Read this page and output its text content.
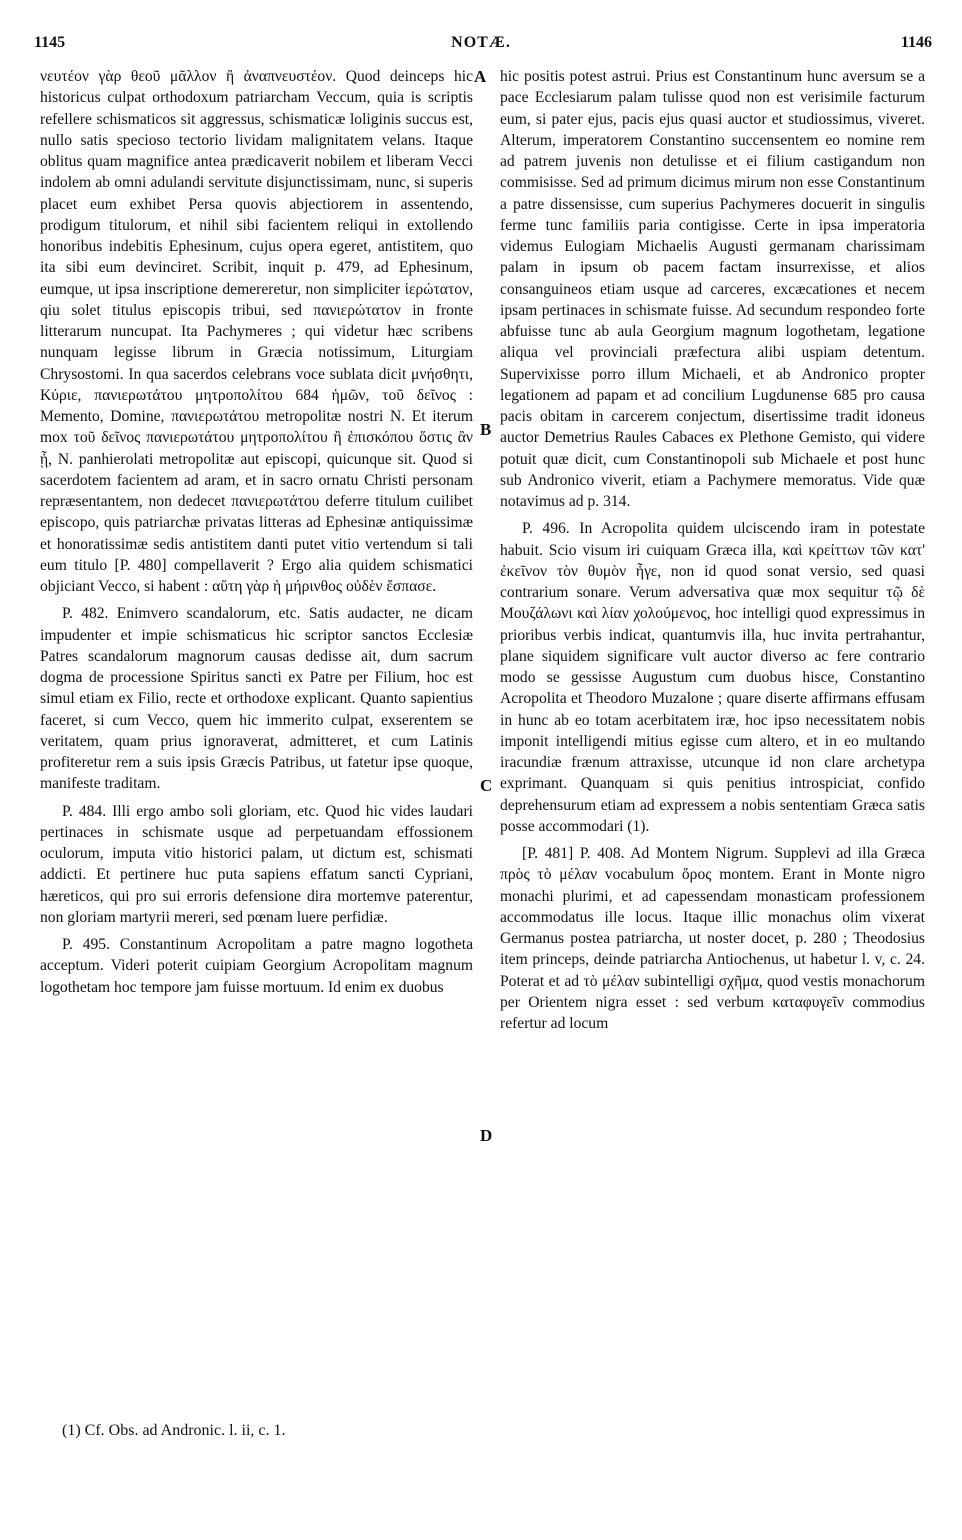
1145	NOTÆ.	1146
A
B
C
D

νευτέον γὰρ θεοῦ μᾶλλον ἢ ἀναπνευστέον. Quod deinceps hic historicus culpat orthodoxum patriarcham Veccum, quia is scriptis refellere schismaticos sit aggressus, schismaticæ loliginis succus est, nullo satis specioso tectorio lividam malignitatem velans. Itaque oblitus quam magnifice antea prædicaverit nobilem et liberam Vecci indolem ab omni adulandi servitute disjunctissimam, nunc, si superis placet eum exhibet Persa quovis abjectiorem in assentendo, prodigum titulorum, et nihil sibi facientem reliqui in extollendo honoribus indebitis Ephesinum, cujus opera egeret, antistitem, quo ita sibi eum devinciret. Scribit, inquit p. 479, ad Ephesinum, eumque, ut ipsa inscriptione demereretur, non simpliciter ἱερώτατον, qiu solet titulus episcopis tribui, sed πανιερώτατον in fronte litterarum nuncupat. Ita Pachymeres ; qui videtur hæc scribens nunquam legisse librum in Græcia notissimum, Liturgiam Chrysostomi. In qua sacerdos celebrans voce sublata dicit μνήσθητι, Κύριε, πανιερωτάτου μητροπολίτου 684 ἡμῶν, τοῦ δεῖνος : Memento, Domine, πανιερωτάτου metropolitæ nostri N. Et iterum mox τοῦ δεῖνος πανιερωτάτου μητροπολίτου ἢ ἐπισκόπου ὅστις ἂν ᾖ, N. panhierolati metropolitæ aut episcopi, quicunque sit. Quod si sacerdotem facientem ad aram, et in sacro ornatu Christi personam repræsentantem, non dedecet πανιερωτάτου deferre titulum cuilibet episcopo, quis patriarchæ privatas litteras ad Ephesinæ antiquissimæ et honoratissimæ sedis antistitem danti putet vitio vertendum si tali eum titulo [P. 480] compellaverit ? Ergo alia quidem schismatici objiciant Vecco, si habent : αὕτη γὰρ ἡ μήρινθος οὐδὲν ἔσπασε.

P. 482. Enimvero scandalorum, etc. Satis audacter, ne dicam impudenter et impie schismaticus hic scriptor sanctos Ecclesiæ Patres scandalorum magnorum causas dedisse ait, dum sacrum dogma de processione Spiritus sancti ex Patre per Filium, hoc est simul etiam ex Filio, recte et orthodoxe explicant. Quanto sapientius faceret, si cum Vecco, quem hic immerito culpat, exserentem se veritatem, quam prius ignoraverat, admitteret, et cum Latinis profiteretur rem a suis ipsis Græcis Patribus, ut fatetur ipse quoque, manifeste traditam.

P. 484. Illi ergo ambo soli gloriam, etc. Quod hic vides laudari pertinaces in schismate usque ad perpetuandam effossionem oculorum, imputa vitio historici palam, ut dictum est, schismati addicti. Et pertinere huc puta sapiens effatum sancti Cypriani, hæreticos, qui pro sui erroris defensione dira mortemve paterentur, non gloriam martyrii mereri, sed pœnam luere perfidiæ.

P. 495. Constantinum Acropolitam a patre magno logotheta acceptum. Videri poterit cuipiam Georgium Acropolitam magnum logothetam hoc tempore jam fuisse mortuum. Id enim ex duobus

hic positis potest astrui. Prius est Constantinum hunc aversum se a pace Ecclesiarum palam tulisse quod non est verisimile facturum eum, si pater ejus, pacis ejus quasi auctor et studiossimus, viveret. Alterum, imperatorem Constantino succensentem eo nomine rem ad patrem juvenis non detulisse et ei filium castigandum non commisisse. Sed ad primum dicimus mirum non esse Constantinum a patre dissensisse, cum superius Pachymeres docuerit in singulis ferme tunc familiis paria contigisse. Certe in ipsa imperatoria videmus Eulogiam Michaelis Augusti germanam charissimam palam in ipsum ob pacem factam insurrexisse, et alios consanguineos etiam usque ad carceres, excæcationes et necem ipsam pertinaces in schismate fuisse. Ad secundum respondeo forte abfuisse tunc ab aula Georgium magnum logothetam, legatione aliqua vel provinciali præfectura alibi uspiam detentum. Supervixisse porro illum Michaeli, et ab Andronico propter legationem ad papam et ad concilium Lugdunense 685 pro causa pacis obitam in carcerem conjectum, disertissime tradit idoneus auctor Demetrius Raules Cabaces ex Plethone Gemisto, qui videre potuit quæ dicit, cum Constantinopoli sub Michaele et post hunc sub Andronico viverit, etiam a Pachymere memoratus. Vide quæ notavimus ad p. 314.

P. 496. In Acropolita quidem ulciscendo iram in potestate habuit. Scio visum iri cuiquam Græca illa, καὶ κρείττων τῶν κατ' ἐκεῖνον τὸν θυμὸν ἦγε, non id quod sonat versio, sed quasi contrarium sonare. Verum adversativa quæ mox sequitur τῷ δὲ Μουζάλωνι καὶ λίαν χολούμενος, hoc intelligi quod expressimus in prioribus verbis indicat, quantumvis illa, huc invita pertrahantur, plane siquidem significare vult auctor diverso ac fere contrario modo se gessisse Augustum cum duobus hisce, Constantino Acropolita et Theodoro Muzalone ; quare diserte affirmans effusam in hunc ab eo totam acerbitatem iræ, hoc ipso necessitatem nobis imponit intelligendi mitius egisse cum altero, et in eo multando iracundiæ frænum attraxisse, utcunque id non clare archetypa exprimant. Quanquam si quis penitius introspiciat, confido deprehensurum etiam ad expressem a nobis sententiam Græca satis posse accommodari (1).

[P. 481] P. 408. Ad Montem Nigrum. Supplevi ad illa Græca πρὸς τὸ μέλαν vocabulum ὄρος montem. Erant in Monte nigro monachi plurimi, et ad capessendam monasticam professionem accommodatus ille locus. Itaque illic monachus olim vixerat Germanus postea patriarcha, ut noster docet, p. 280 ; Theodosius item princeps, deinde patriarcha Antiochenus, ut habetur l. v, c. 24. Poterat et ad τὸ μέλαν subintelligi σχῆμα, quod vestis monachorum per Orientem nigra esset : sed verbum καταφυγεῖν commodius refertur ad locum

(1) Cf. Obs. ad Andronic. l. ii, c. 1.
